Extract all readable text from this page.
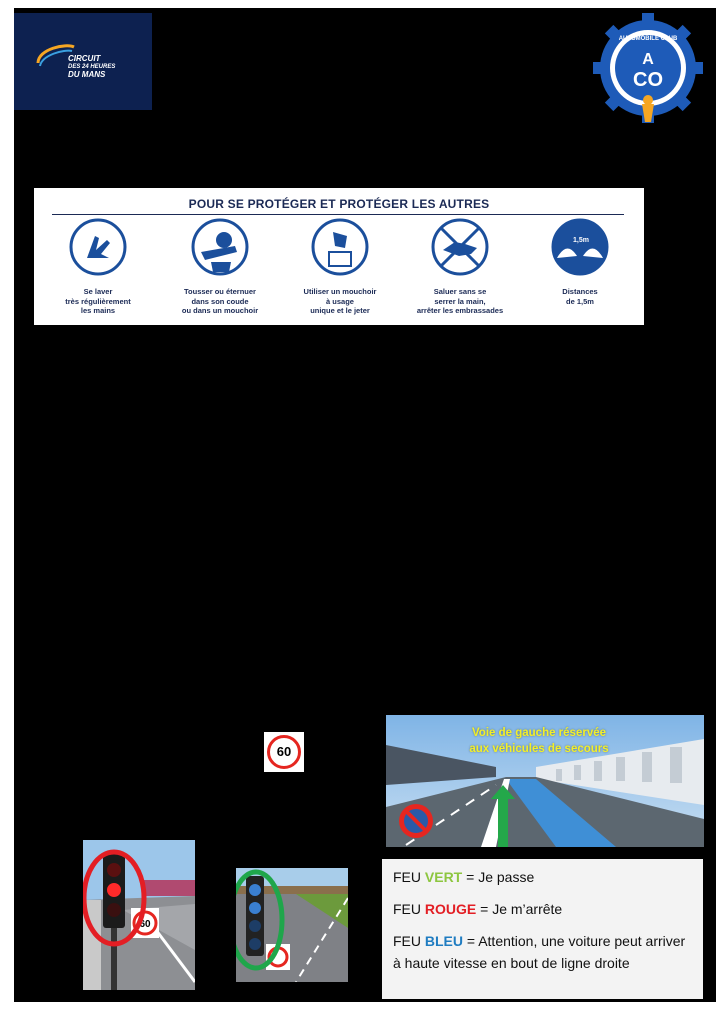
CIRCUIT
DES 24 HEURES
DU MANS
A
CO
AUTOMOBILE CLUB
POUR SE PROTÉGER ET PROTÉGER LES AUTRES
Se laver
très régulièrement
les mains
Tousser ou éternuer
dans son coude
ou dans un mouchoir
Utiliser un mouchoir
à usage
unique et le jeter
Saluer sans se
serrer la main,
arrêter les embrassades
1,5m
Distances
de 1,5m
60
Voie de gauche réservée
aux véhicules de secours
60

FEU VERT = Je passe

FEU ROUGE = Je m’arrête

FEU BLEU = Attention, une voiture peut arriver à haute vitesse en bout de ligne droite
